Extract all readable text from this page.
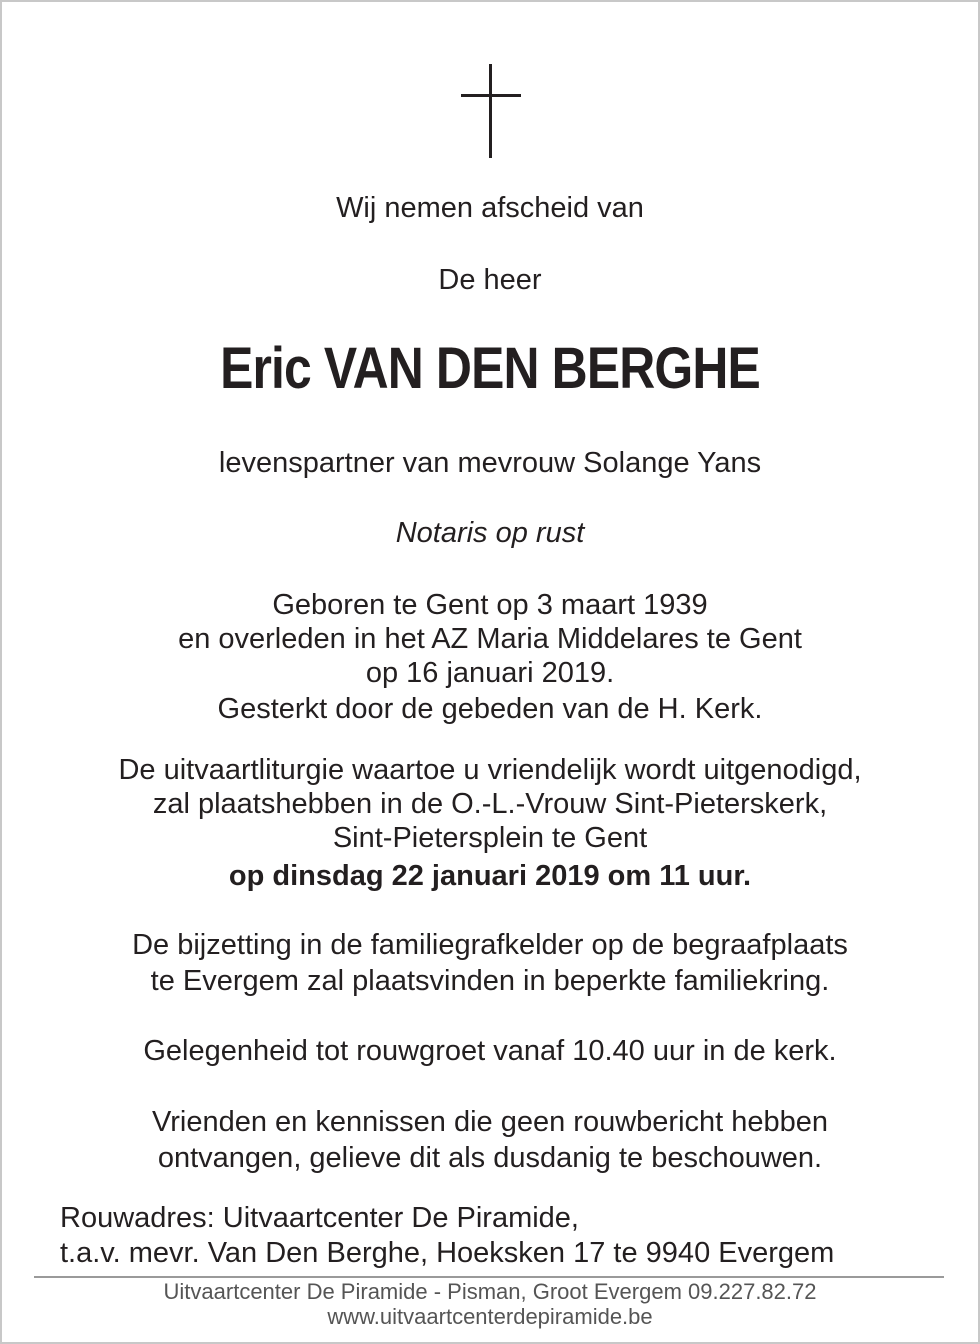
Wij nemen afscheid van
De heer
Eric VAN DEN BERGHE
levenspartner van mevrouw Solange Yans
Notaris op rust
Geboren te Gent op 3 maart 1939
en overleden in het AZ Maria Middelares te Gent
op 16 januari 2019.
Gesterkt door de gebeden van de H. Kerk.
De uitvaartliturgie waartoe u vriendelijk wordt uitgenodigd,
zal plaatshebben in de O.-L.-Vrouw Sint-Pieterskerk,
Sint-Pietersplein te Gent
op dinsdag 22 januari 2019 om 11 uur.
De bijzetting in de familiegrafkelder op de begraafplaats
te Evergem zal plaatsvinden in beperkte familiekring.
Gelegenheid tot rouwgroet vanaf 10.40 uur in de kerk.
Vrienden en kennissen die geen rouwbericht hebben
ontvangen, gelieve dit als dusdanig te beschouwen.
Rouwadres: Uitvaartcenter De Piramide,
t.a.v. mevr. Van Den Berghe, Hoeksken 17 te 9940 Evergem
Uitvaartcenter De Piramide - Pisman, Groot Evergem 09.227.82.72
www.uitvaartcenterdepiramide.be
